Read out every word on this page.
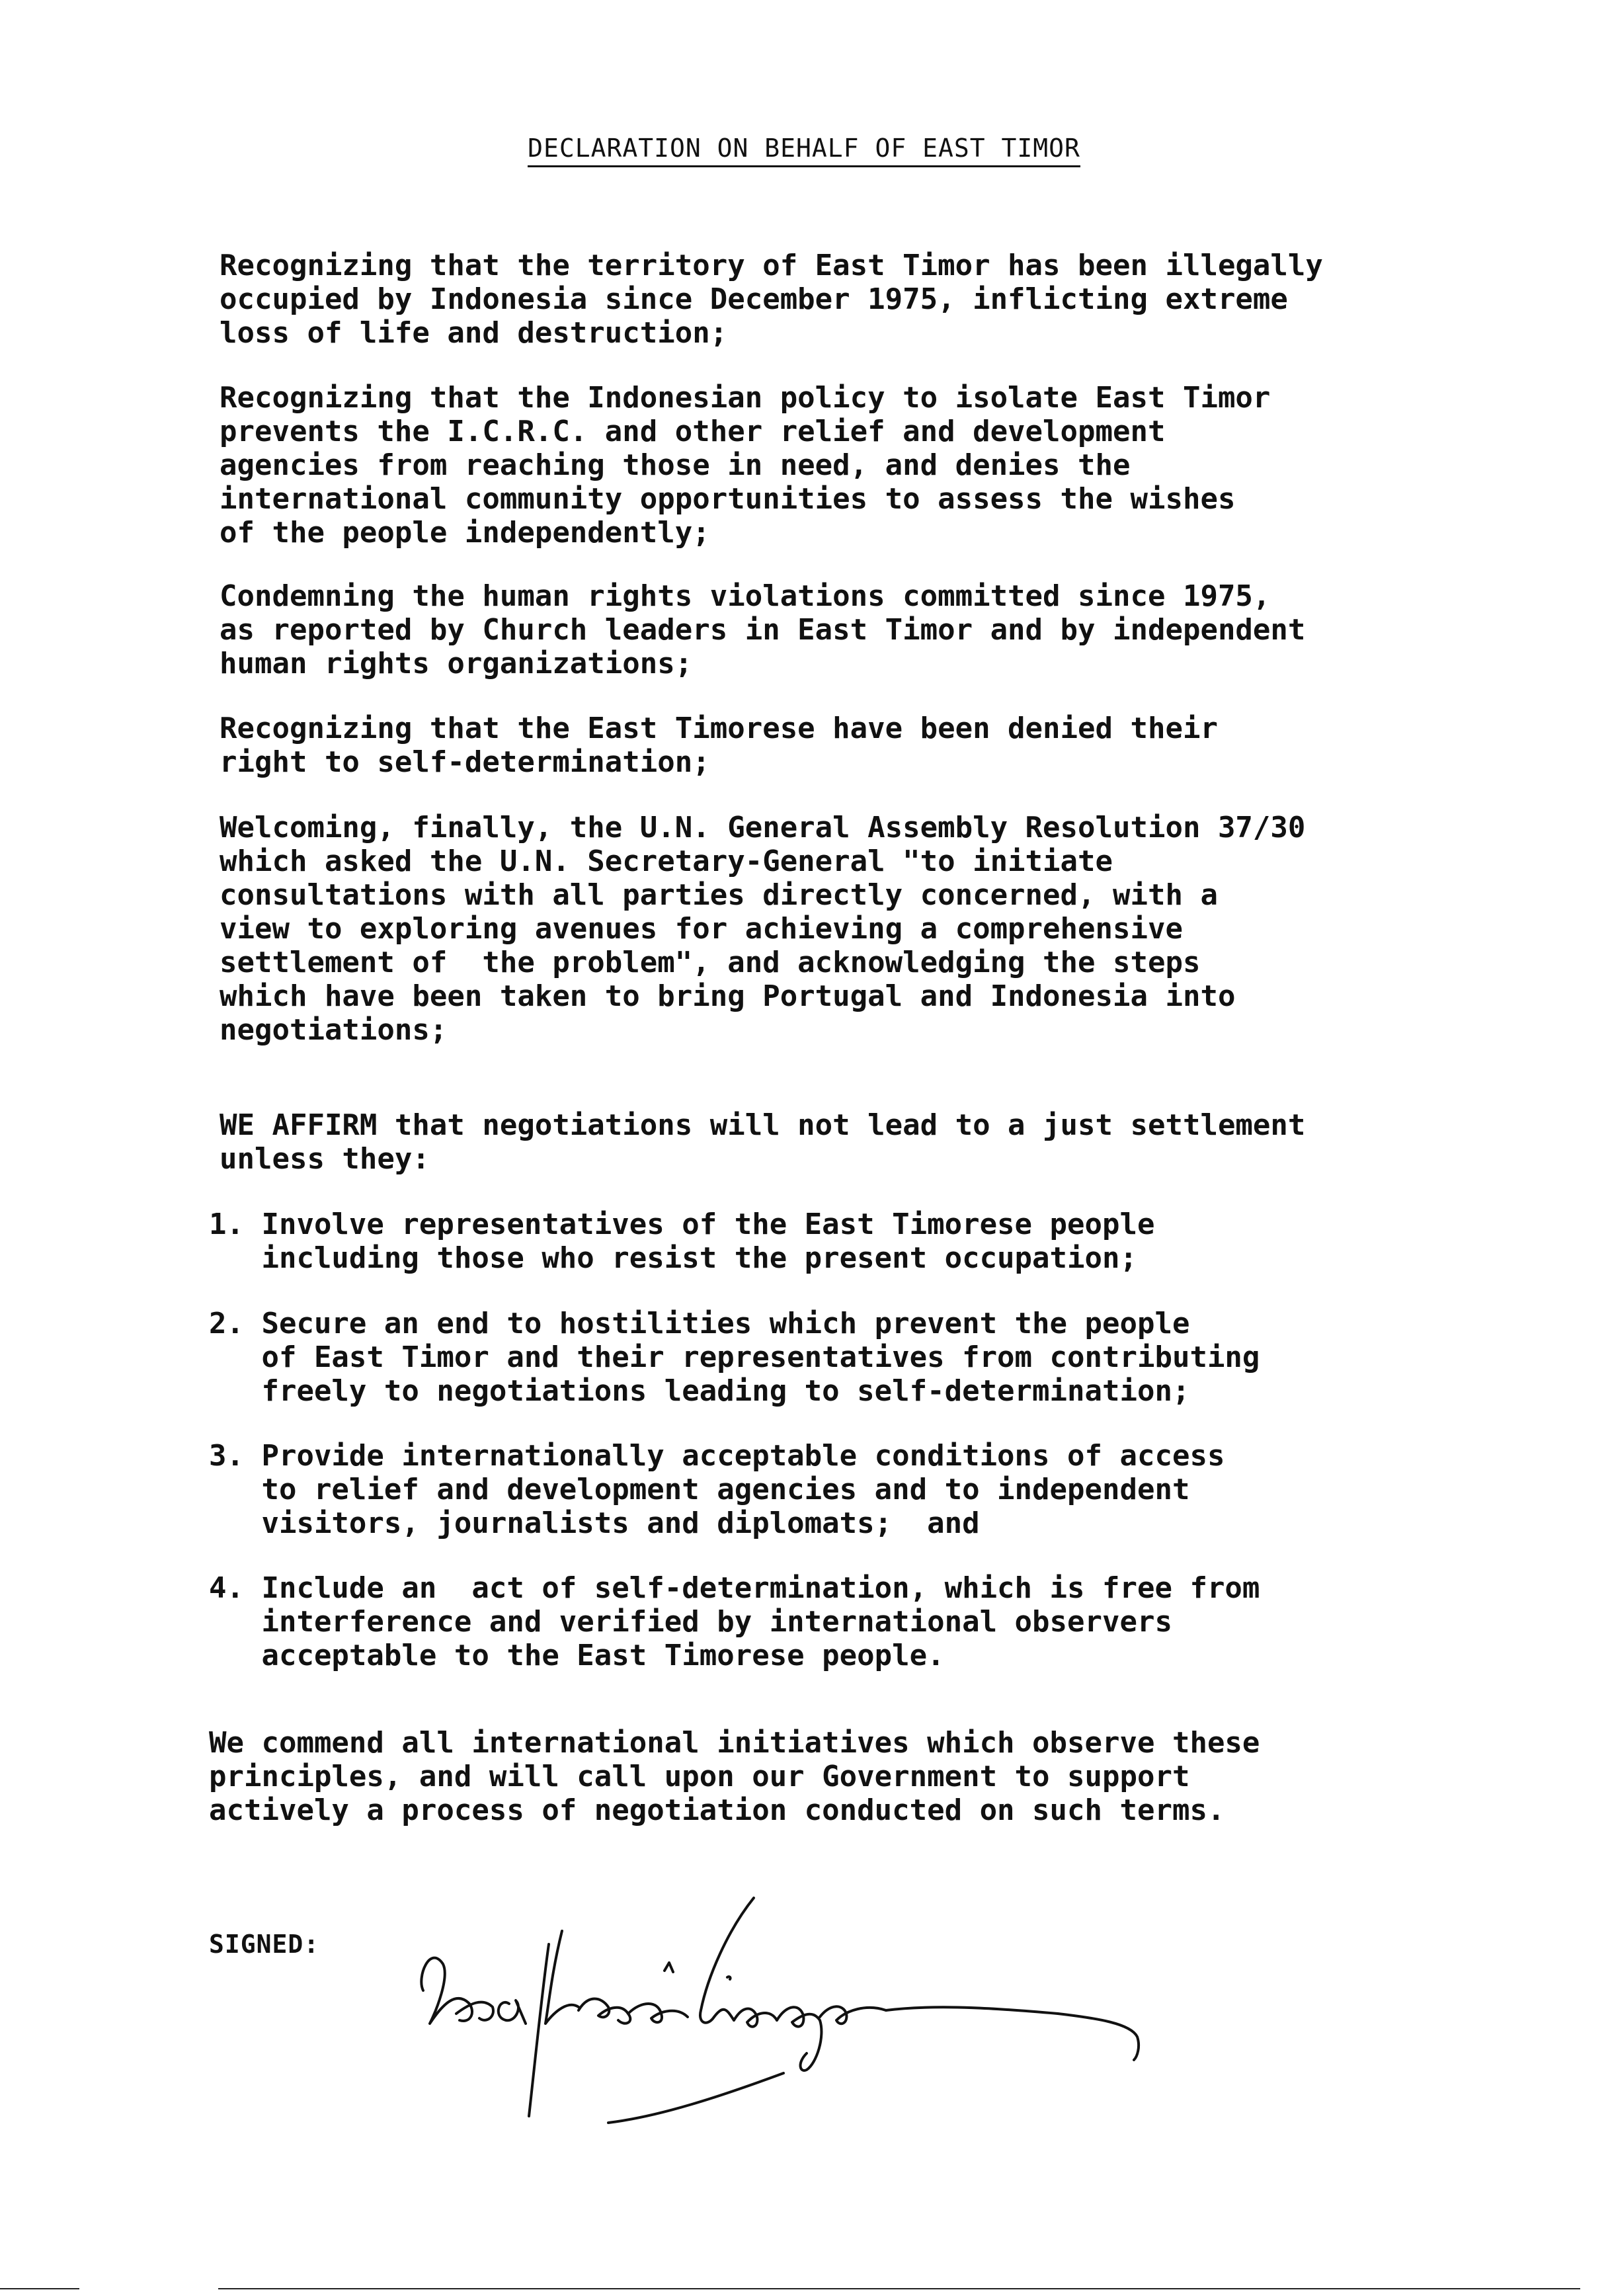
DECLARATION ON BEHALF OF EAST TIMOR
Recognizing that the territory of East Timor has been illegally
occupied by Indonesia since December 1975, inflicting extreme
loss of life and destruction;
Recognizing that the Indonesian policy to isolate East Timor
prevents the I.C.R.C. and other relief and development
agencies from reaching those in need, and denies the
international community opportunities to assess the wishes
of the people independently;
Condemning the human rights violations committed since 1975,
as reported by Church leaders in East Timor and by independent
human rights organizations;
Recognizing that the East Timorese have been denied their
right to self-determination;
Welcoming, finally, the U.N. General Assembly Resolution 37/30
which asked the U.N. Secretary-General "to initiate
consultations with all parties directly concerned, with a
view to exploring avenues for achieving a comprehensive
settlement of  the problem", and acknowledging the steps
which have been taken to bring Portugal and Indonesia into
negotiations;
WE AFFIRM that negotiations will not lead to a just settlement
unless they:
1. Involve representatives of the East Timorese people
including those who resist the present occupation;
2. Secure an end to hostilities which prevent the people
of East Timor and their representatives from contributing
freely to negotiations leading to self-determination;
3. Provide internationally acceptable conditions of access
to relief and development agencies and to independent
visitors, journalists and diplomats;  and
4. Include an  act of self-determination, which is free from
interference and verified by international observers
acceptable to the East Timorese people.
We commend all international initiatives which observe these
principles, and will call upon our Government to support
actively a process of negotiation conducted on such terms.
SIGNED:
